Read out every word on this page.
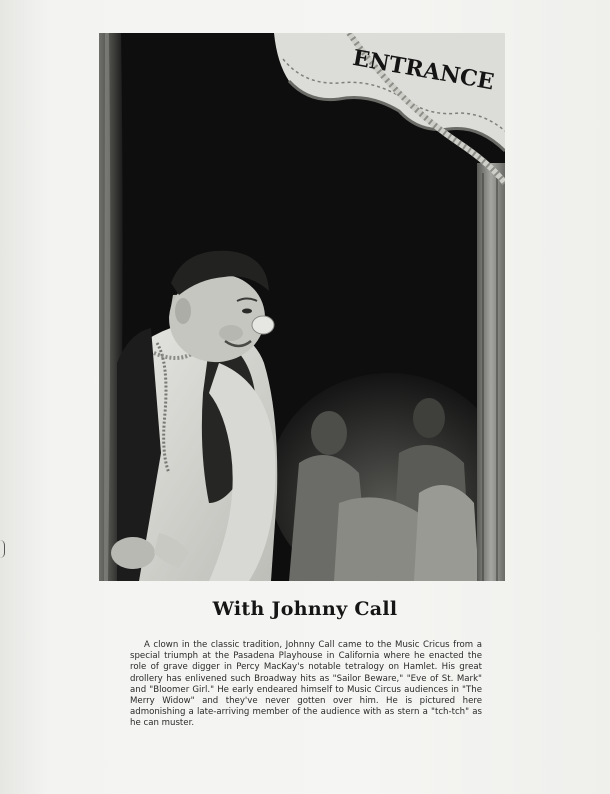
ENTRANCE
With Johnny Call

A clown in the classic tradition, Johnny Call came to the Music Cricus from a special triumph at the Pasadena Playhouse in California where he enacted the role of grave digger in Percy MacKay's notable tetralogy on Hamlet. His great drollery has enlivened such Broadway hits as "Sailor Beware," "Eve of St. Mark" and "Bloomer Girl." He early endeared himself to Music Circus audiences in "The Merry Widow" and they've never gotten over him. He is pictured here admonishing a late-arriving member of the audience with as stern a "tch-tch" as he can muster.
